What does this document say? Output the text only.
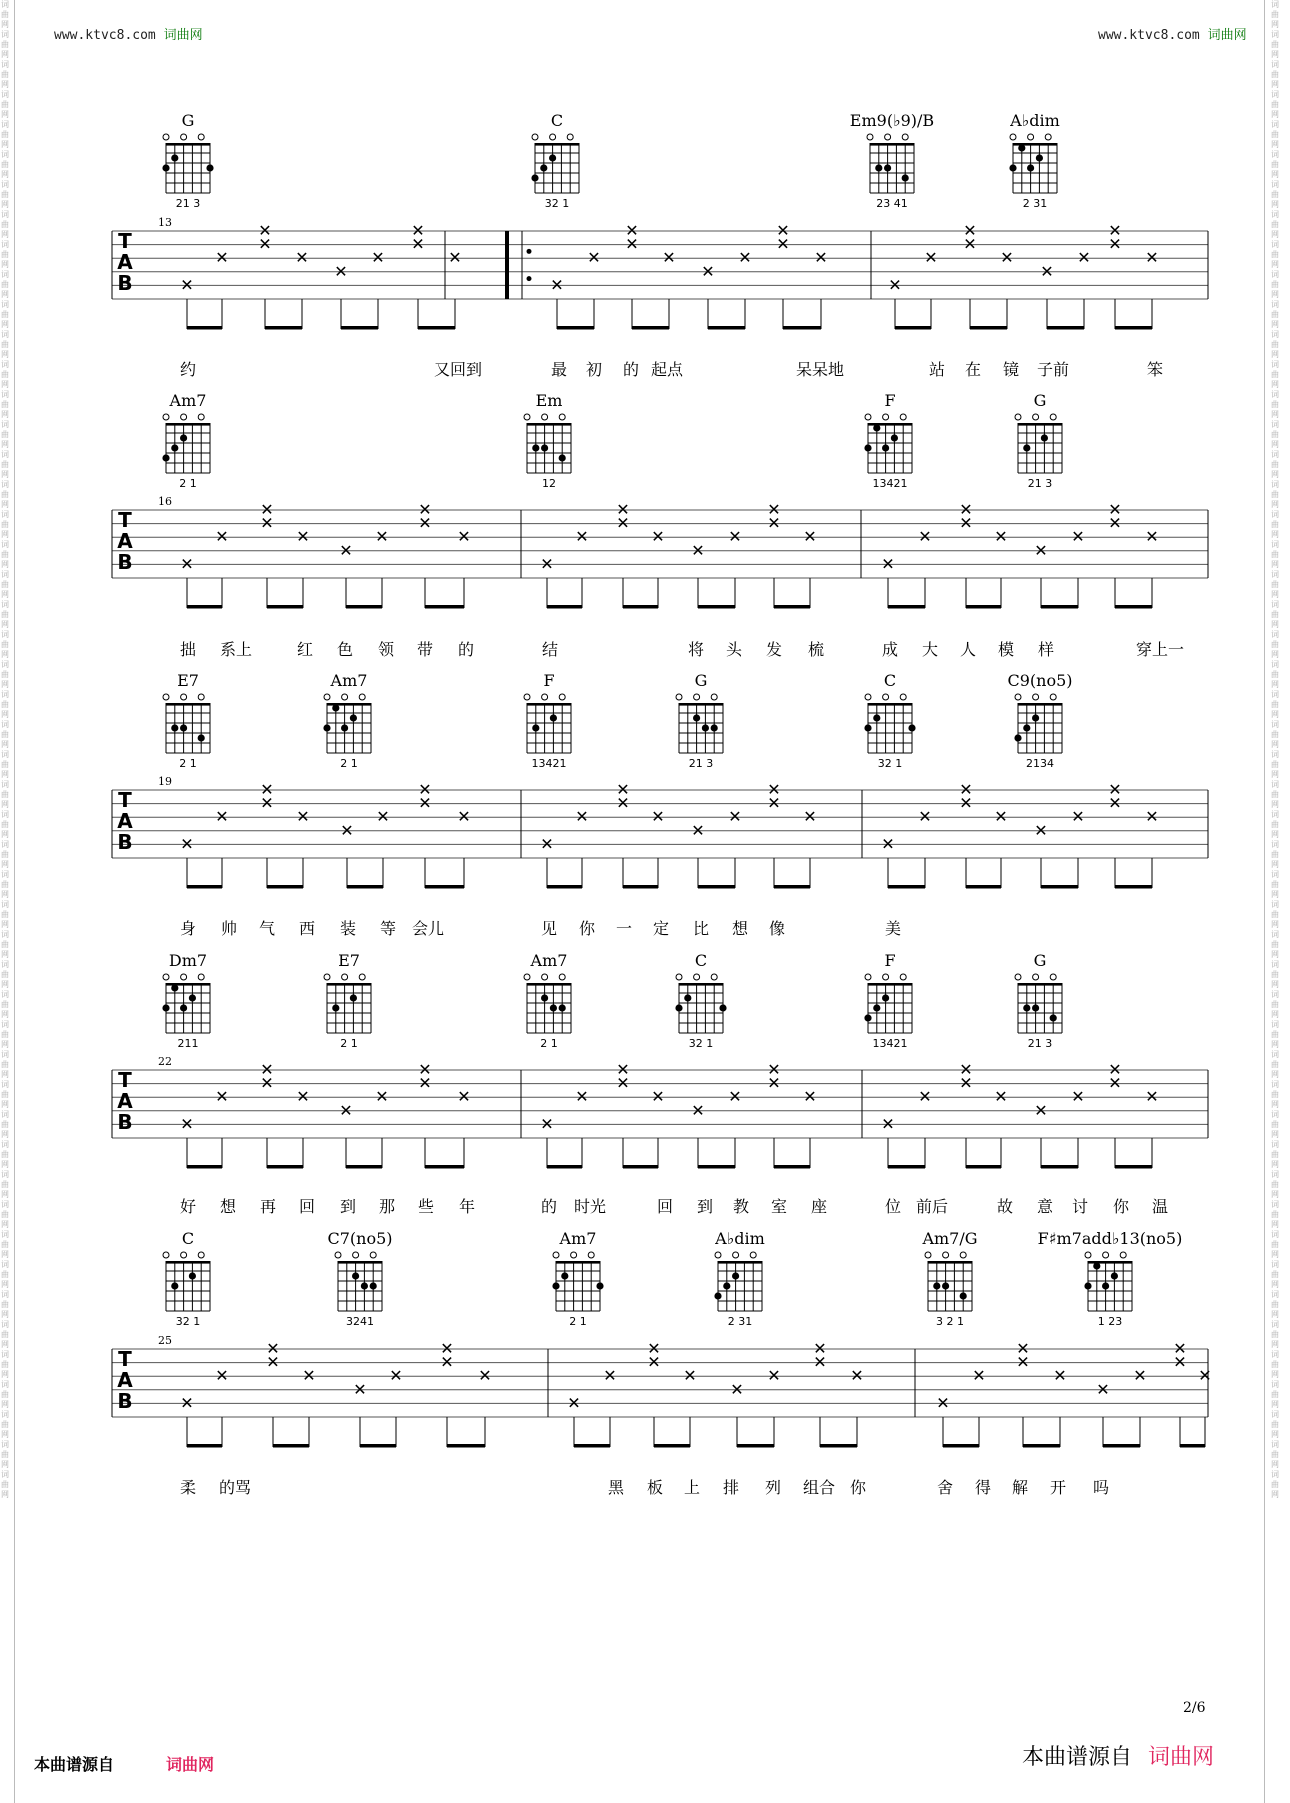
www.ktvc8.com 词曲网	www.ktvc8.com 词曲网
词曲网词曲网词曲网词曲网词曲网词曲网词曲网词曲网词曲网词曲网词曲网词曲网词曲网词曲网词曲网词曲网词曲网词曲网词曲网词曲网词曲网词曲网词曲网词曲网词曲网词曲网词曲网词曲网词曲网词曲网词曲网词曲网词曲网词曲网词曲网词曲网词曲网词曲网词曲网词曲网词曲网词曲网词曲网词曲网词曲网词曲网词曲网词曲网词曲网词曲网
词曲网词曲网词曲网词曲网词曲网词曲网词曲网词曲网词曲网词曲网词曲网词曲网词曲网词曲网词曲网词曲网词曲网词曲网词曲网词曲网词曲网词曲网词曲网词曲网词曲网词曲网词曲网词曲网词曲网词曲网词曲网词曲网词曲网词曲网词曲网词曲网词曲网词曲网词曲网词曲网词曲网词曲网词曲网词曲网词曲网词曲网词曲网词曲网词曲网词曲网
G
21 3
C
32 1
Em9(♭9)/B
23 41
A♭dim
2 31
T
A
B
13
✕
✕
✕
✕
✕
✕
✕
✕
✕
✕
✕
✕
✕
✕
✕
✕
✕
✕
✕
✕
✕
✕
✕
✕
✕
✕
✕
✕
✕
✕
约	又回到	最 初 的 起点	呆呆地	站 在 镜 子前	笨
Am7
2 1
Em
12
F
13421
G
21 3
T
A
B
16
✕
✕
✕
✕
✕
✕
✕
✕
✕
✕
✕
✕
✕
✕
✕
✕
✕
✕
✕
✕
✕
✕
✕
✕
✕
✕
✕
✕
✕
✕
拙 系上	红 色 领 带 的	结	将 头 发 梳	成 大 人 模 样	穿上一
E7
2 1
Am7
2 1
F
13421
G
21 3
C
32 1
C9(no5)
2134
T
A
B
19
✕
✕
✕
✕
✕
✕
✕
✕
✕
✕
✕
✕
✕
✕
✕
✕
✕
✕
✕
✕
✕
✕
✕
✕
✕
✕
✕
✕
✕
✕
身 帅 气 西 装 等 会儿	见 你 一 定 比 想 像	美
Dm7
211
E7
2 1
Am7
2 1
C
32 1
F
13421
G
21 3
T
A
B
22
✕
✕
✕
✕
✕
✕
✕
✕
✕
✕
✕
✕
✕
✕
✕
✕
✕
✕
✕
✕
✕
✕
✕
✕
✕
✕
✕
✕
✕
✕
好 想 再 回 到 那 些 年	的 时光	回 到 教 室 座	位 前后	故 意 讨 你 温
C
32 1
C7(no5)
3241
Am7
2 1
A♭dim
2 31
Am7/G
3 2 1
F♯m7add♭13(no5)
1 23
T
A
B
25
✕
✕
✕
✕
✕
✕
✕
✕
✕
✕
✕
✕
✕
✕
✕
✕
✕
✕
✕
✕
✕
✕
✕
✕
✕
✕
✕
✕
✕
✕
柔 的骂	黑 板 上 排 列 组合 你	舍 得 解 开 吗
2/6
本曲谱源自	词曲网	本曲谱源自 词曲网
